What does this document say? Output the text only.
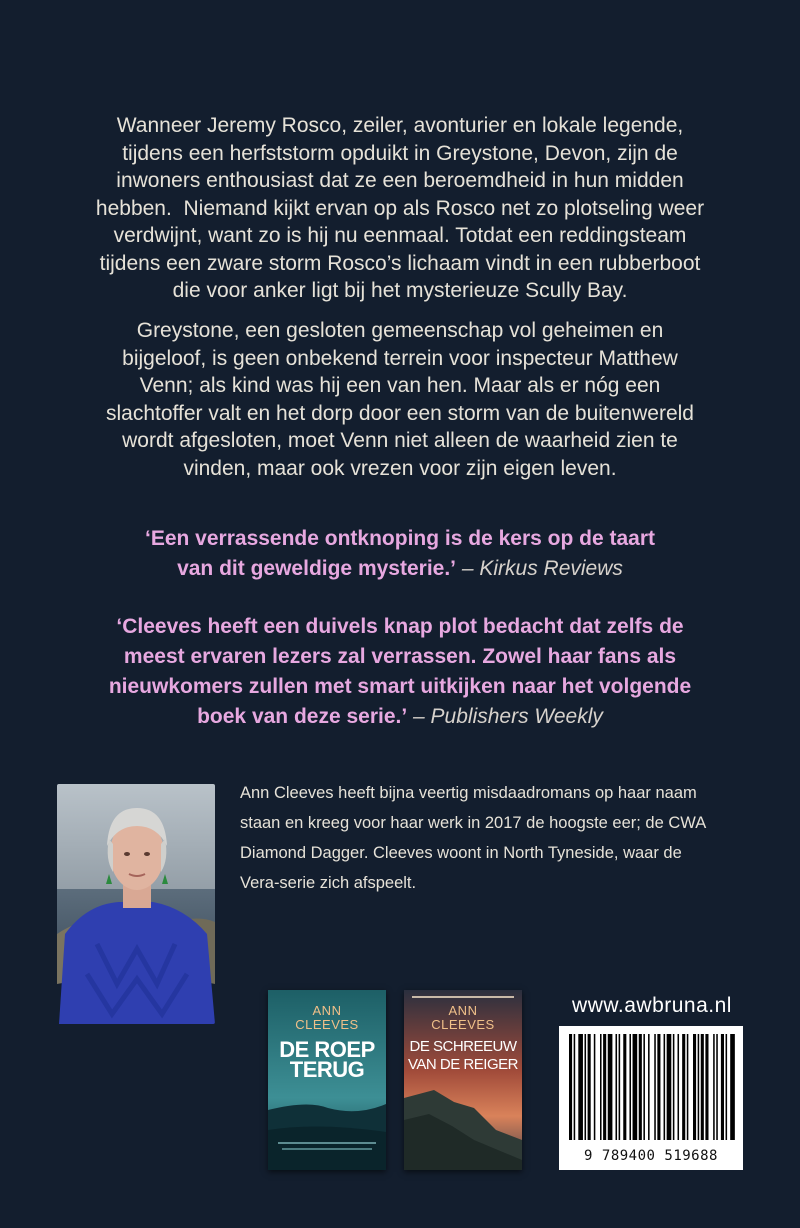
Wanneer Jeremy Rosco, zeiler, avonturier en lokale legende,

tijdens een herfststorm opduikt in Greystone, Devon, zijn de

inwoners enthousiast dat ze een beroemdheid in hun midden

hebben.  Niemand kijkt ervan op als Rosco net zo plotseling weer

verdwijnt, want zo is hij nu eenmaal. Totdat een reddingsteam

tijdens een zware storm Rosco’s lichaam vindt in een rubberboot

die voor anker ligt bij het mysterieuze Scully Bay.

Greystone, een gesloten gemeenschap vol geheimen en

bijgeloof, is geen onbekend terrein voor inspecteur Matthew

Venn; als kind was hij een van hen. Maar als er nóg een

slachtoffer valt en het dorp door een storm van de buitenwereld

wordt afgesloten, moet Venn niet alleen de waarheid zien te

vinden, maar ook vrezen voor zijn eigen leven.

‘Een verrassende ontknoping is de kers op de taart
van dit geweldige mysterie.’ – Kirkus Reviews
‘Cleeves heeft een duivels knap plot bedacht dat zelfs de
meest ervaren lezers zal verrassen. Zowel haar fans als
nieuwkomers zullen met smart uitkijken naar het volgende
boek van deze serie.’ – Publishers Weekly
Ann Cleeves heeft bijna veertig misdaadromans op haar naam
staan en kreeg voor haar werk in 2017 de hoogste eer; de CWA
Diamond Dagger. Cleeves woont in North Tyneside, waar de
Vera-serie zich afspeelt.
ANN
CLEEVES
DE ROEP
TERUG
ANN
CLEEVES
DE SCHREEUW
VAN DE REIGER
www.awbruna.nl
9 789400 519688
